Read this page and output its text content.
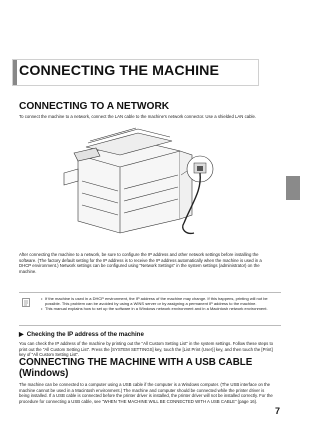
CONNECTING THE MACHINE
CONNECTING TO A NETWORK
To connect the machine to a network, connect the LAN cable to the machine's network connector. Use a shielded LAN cable.
After connecting the machine to a network, be sure to configure the IP address and other network settings before installing the software. (The factory default setting for the IP address is to receive the IP address automatically when the machine is used in a DHCP environment.) Network settings can be configured using "Network Settings" in the system settings (administrator) on the machine.
• If the machine is used in a DHCP environment, the IP address of the machine may change. If this happens, printing will not be possible. This problem can be avoided by using a WINS server or by assigning a permanent IP address to the machine.
• This manual explains how to set up the software in a Windows network environment and in a Macintosh network environment.
▶ Checking the IP address of the machine
You can check the IP address of the machine by printing out the "All Custom Setting List" in the system settings. Follow these steps to print out the "All Custom Setting List". Press the [SYSTEM SETTINGS] key, touch the [List Print (User)] key, and then touch the [Print] key of "All Custom Setting List".
CONNECTING THE MACHINE WITH A USB CABLE
(Windows)
The machine can be connected to a computer using a USB cable if the computer is a Windows computer. (The USB interface on the machine cannot be used in a Macintosh environment.) The machine and computer should be connected while the printer driver is being installed. If a USB cable is connected before the printer driver is installed, the printer driver will not be installed correctly. For the procedure for connecting a USB cable, see "WHEN THE MACHINE WILL BE CONNECTED WITH A USB CABLE" (page 16).
7
